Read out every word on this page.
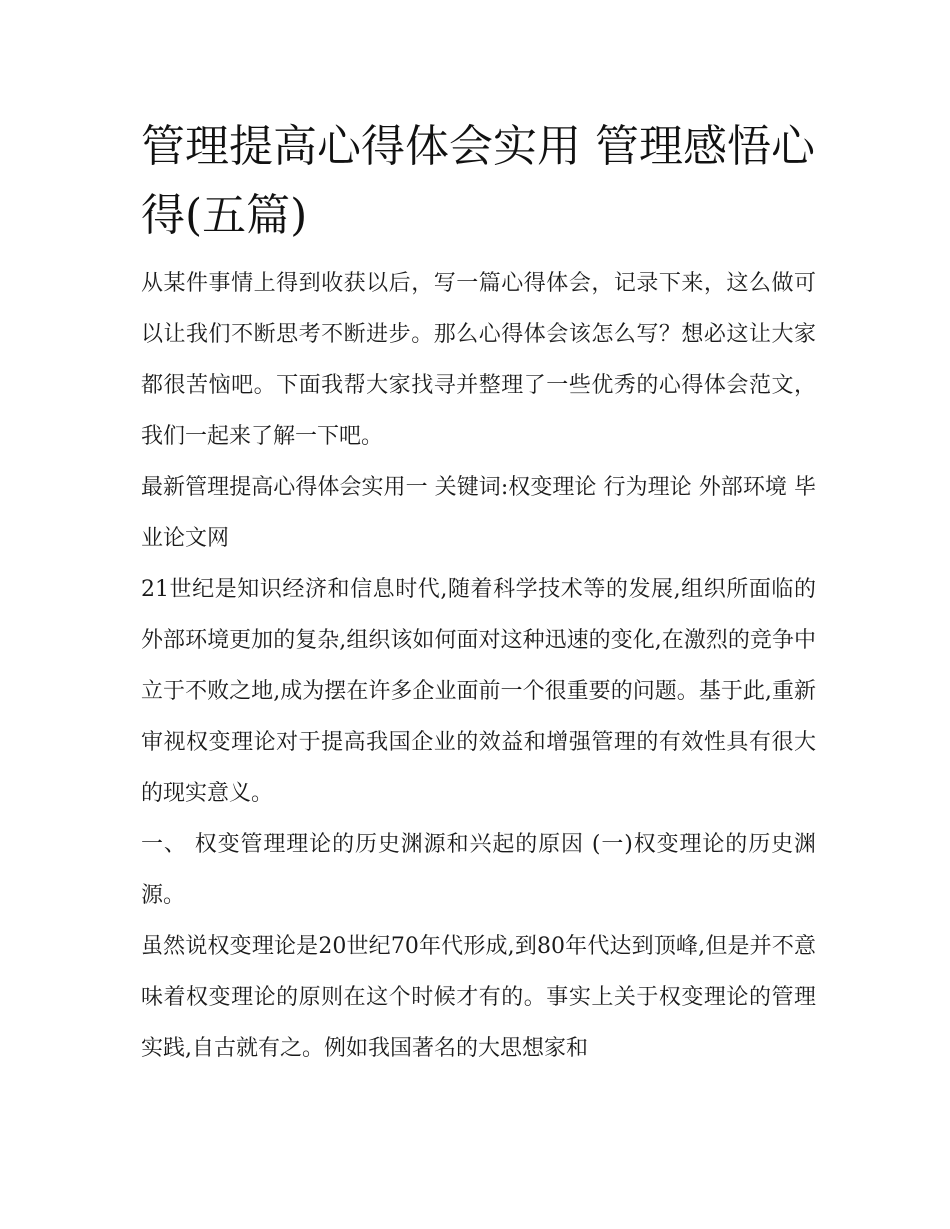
管理提高心得体会实用 管理感悟心得(五篇)

从某件事情上得到收获以后，写一篇心得体会，记录下来，这么做可以让我们不断思考不断进步。那么心得体会该怎么写？想必这让大家都很苦恼吧。下面我帮大家找寻并整理了一些优秀的心得体会范文，我们一起来了解一下吧。

最新管理提高心得体会实用一 关键词:权变理论 行为理论 外部环境 毕业论文网

21世纪是知识经济和信息时代,随着科学技术等的发展,组织所面临的外部环境更加的复杂,组织该如何面对这种迅速的变化,在激烈的竞争中立于不败之地,成为摆在许多企业面前一个很重要的问题。基于此,重新审视权变理论对于提高我国企业的效益和增强管理的有效性具有很大的现实意义。

一、 权变管理理论的历史渊源和兴起的原因 (一)权变理论的历史渊源。

虽然说权变理论是20世纪70年代形成,到80年代达到顶峰,但是并不意味着权变理论的原则在这个时候才有的。事实上关于权变理论的管理实践,自古就有之。例如我国著名的大思想家和
